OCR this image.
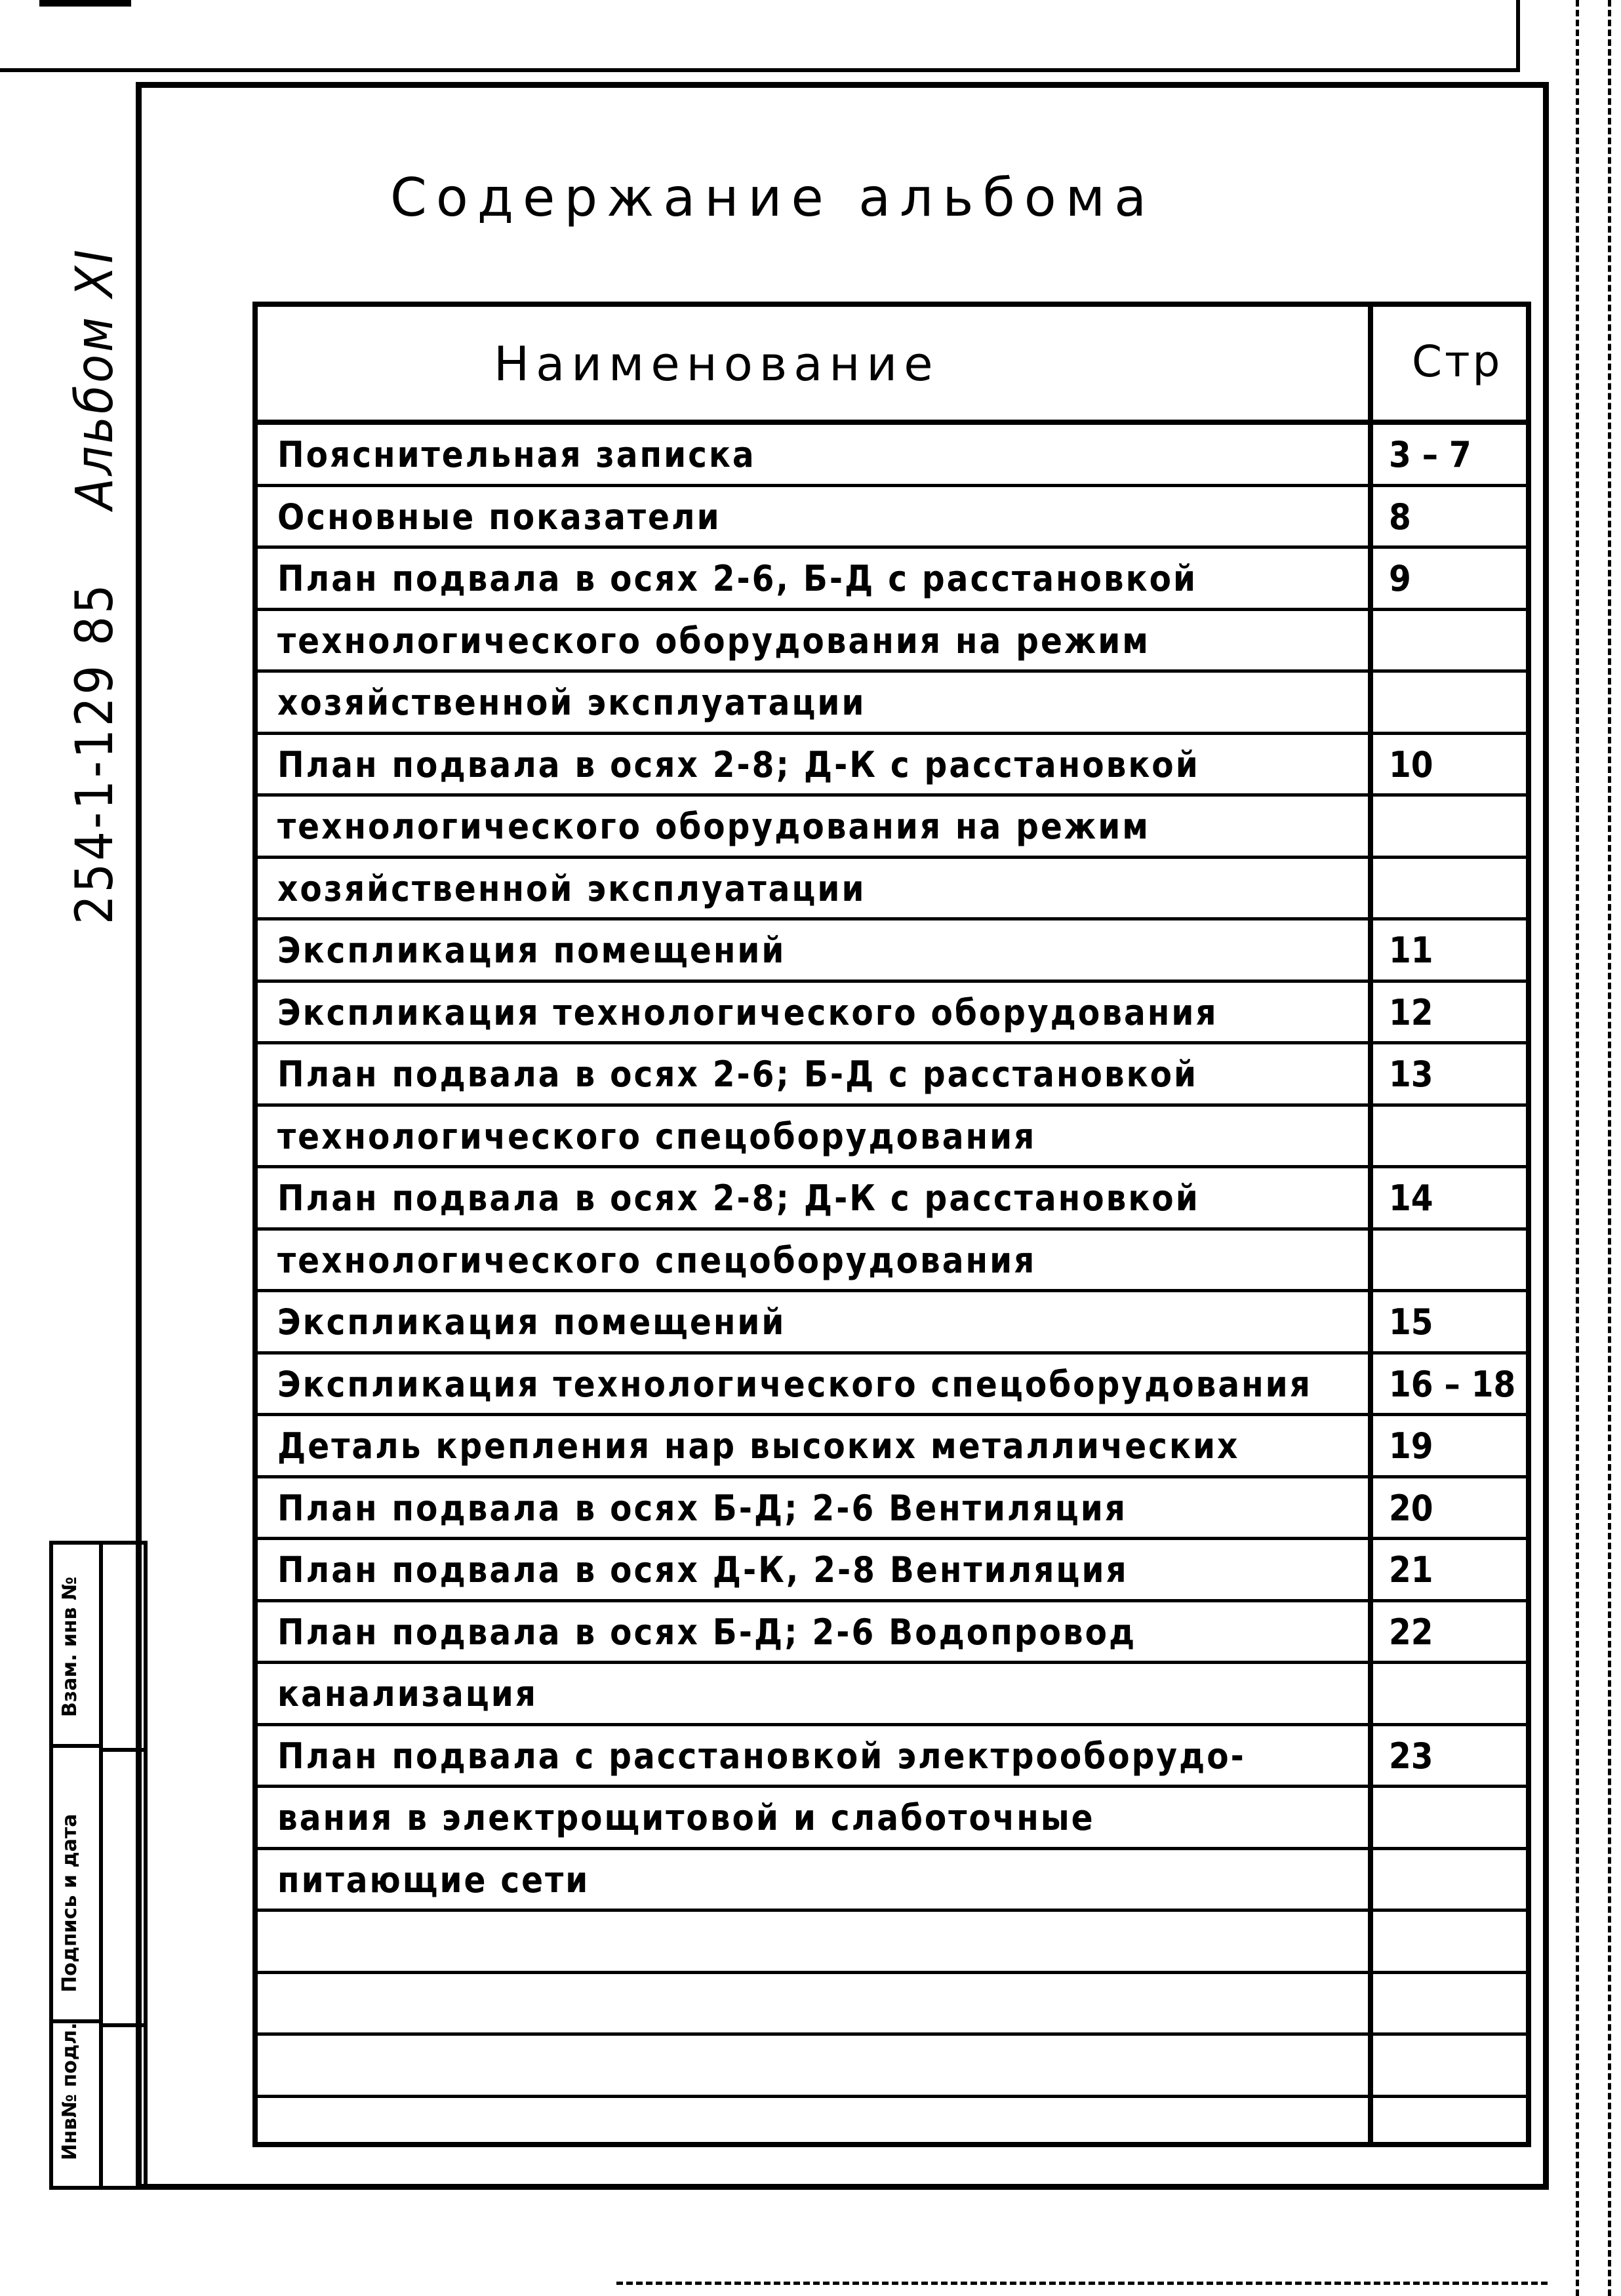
254-1-129 85Альбом XI
Взам. инв №
Подпись и дата
Инв№ подл.
Содержание альбома
Наименование	Стр
Пояснительная записка	3 – 7
Основные показатели	8
План подвала в осях 2-6, Б-Д с расстановкой	9
технологического оборудования на режим
хозяйственной эксплуатации
План подвала в осях 2-8; Д-К с расстановкой	10
технологического оборудования на режим
хозяйственной эксплуатации
Экспликация помещений	11
Экспликация технологического оборудования	12
План подвала в осях 2-6; Б-Д с расстановкой	13
технологического спецоборудования
План подвала в осях 2-8; Д-К с расстановкой	14
технологического спецоборудования
Экспликация помещений	15
Экспликация технологического спецоборудования	16 – 18
Деталь крепления нар высоких металлических	19
План подвала в осях Б-Д; 2-6 Вентиляция	20
План подвала в осях Д-К, 2-8 Вентиляция	21
План подвала в осях Б-Д; 2-6 Водопровод	22
канализация
План подвала с расстановкой электрооборудо-	23
вания в электрощитовой и слаботочные
питающие сети
